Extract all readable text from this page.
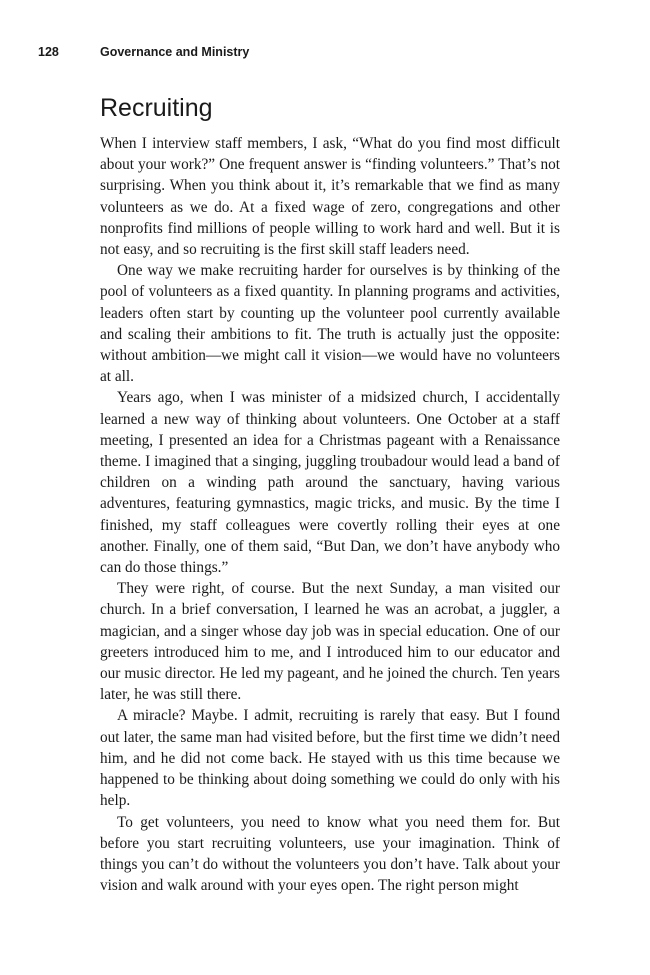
128	Governance and Ministry
Recruiting

When I interview staff members, I ask, “What do you find most difficult about your work?” One frequent answer is “finding volunteers.” That’s not surprising. When you think about it, it’s remarkable that we find as many volunteers as we do. At a fixed wage of zero, congregations and other nonprofits find millions of people willing to work hard and well. But it is not easy, and so recruiting is the first skill staff leaders need.

One way we make recruiting harder for ourselves is by thinking of the pool of volunteers as a fixed quantity. In planning programs and activities, leaders often start by counting up the volunteer pool currently available and scaling their ambitions to fit. The truth is actually just the opposite: without ambition—we might call it vision—we would have no volunteers at all.

Years ago, when I was minister of a midsized church, I accidentally learned a new way of thinking about volunteers. One October at a staff meeting, I presented an idea for a Christmas pageant with a Renaissance theme. I imagined that a singing, juggling troubadour would lead a band of children on a winding path around the sanctuary, having various adventures, featuring gymnastics, magic tricks, and music. By the time I finished, my staff colleagues were covertly rolling their eyes at one another. Finally, one of them said, “But Dan, we don’t have anybody who can do those things.”

They were right, of course. But the next Sunday, a man visited our church. In a brief conversation, I learned he was an acrobat, a juggler, a magician, and a singer whose day job was in special education. One of our greeters introduced him to me, and I introduced him to our educator and our music director. He led my pageant, and he joined the church. Ten years later, he was still there.

A miracle? Maybe. I admit, recruiting is rarely that easy. But I found out later, the same man had visited before, but the first time we didn’t need him, and he did not come back. He stayed with us this time because we happened to be thinking about doing something we could do only with his help.

To get volunteers, you need to know what you need them for. But before you start recruiting volunteers, use your imagination. Think of things you can’t do without the volunteers you don’t have. Talk about your vision and walk around with your eyes open. The right person might
